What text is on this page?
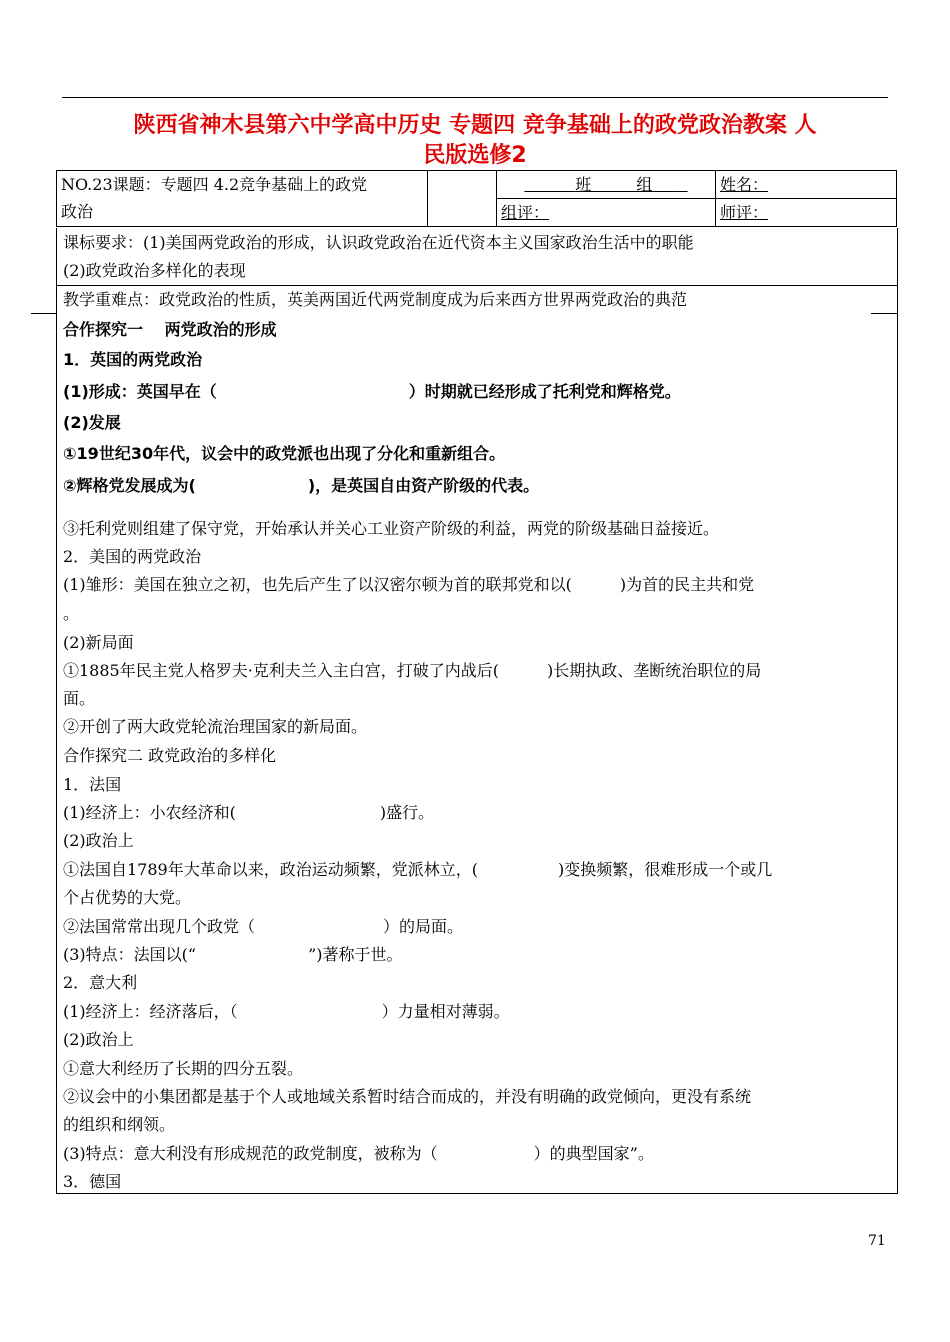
陕西省神木县第六中学高中历史 专题四 竞争基础上的政党政治教案 人
民版选修2
NO.23课题：专题四 4.2竞争基础上的政党
政治		班 组	姓名：
		组评：	师评：
课标要求：(1)美国两党政治的形成，认识政党政治在近代资本主义国家政治生活中的职能
(2)政党政治多样化的表现
教学重难点：政党政治的性质，英美两国近代两党制度成为后来西方世界两党政治的典范
合作探究一　 两党政治的形成
1．英国的两党政治
(1)形成：英国早在（　　　　　　　　　　　　）时期就已经形成了托利党和辉格党。
(2)发展
①19世纪30年代，议会中的政党派也出现了分化和重新组合。
②辉格党发展成为(　　　　　　　)，是英国自由资产阶级的代表。
③托利党则组建了保守党，开始承认并关心工业资产阶级的利益，两党的阶级基础日益接近。
2．美国的两党政治
(1)雏形：美国在独立之初，也先后产生了以汉密尔顿为首的联邦党和以(　　　)为首的民主共和党
。
(2)新局面
①1885年民主党人格罗夫·克利夫兰入主白宫，打破了内战后(　　　)长期执政、垄断统治职位的局
面。
②开创了两大政党轮流治理国家的新局面。
合作探究二 政党政治的多样化
1．法国
(1)经济上：小农经济和(　　　　　　　　　)盛行。
(2)政治上
①法国自1789年大革命以来，政治运动频繁，党派林立，(　　　　　)变换频繁，很难形成一个或几
个占优势的大党。
②法国常常出现几个政党（　　　　　　　　）的局面。
(3)特点：法国以(“　　　　　　　”)著称于世。
2．意大利
(1)经济上：经济落后，（　　　　　　　　　）力量相对薄弱。
(2)政治上
①意大利经历了长期的四分五裂。
②议会中的小集团都是基于个人或地域关系暂时结合而成的，并没有明确的政党倾向，更没有系统
的组织和纲领。
(3)特点：意大利没有形成规范的政党制度，被称为（　　　　　　）的典型国家”。
3．德国
71
